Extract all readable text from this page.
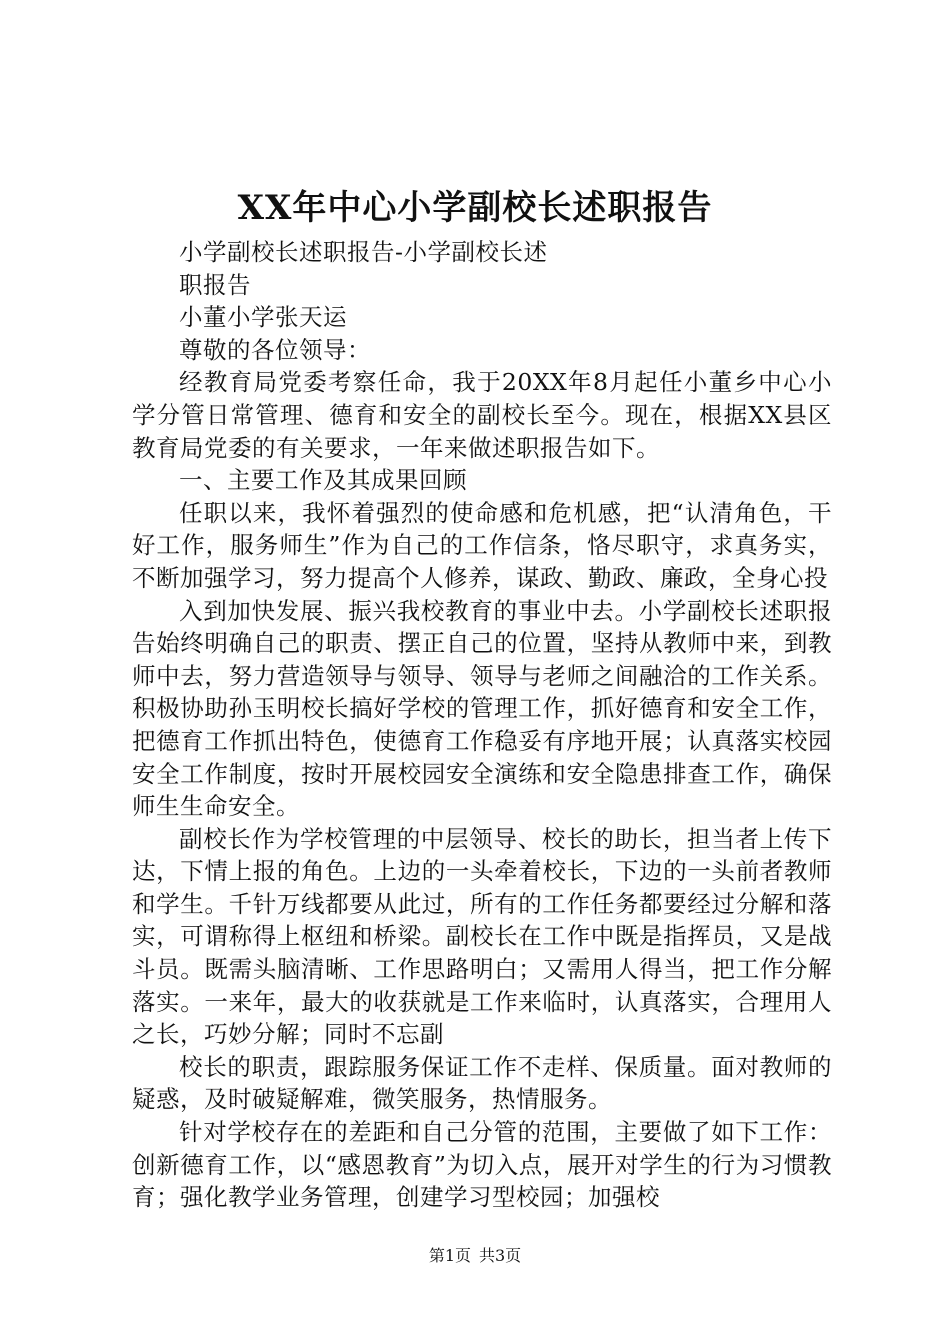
XX年中心小学副校长述职报告

小学副校长述职报告-小学副校长述

职报告

小董小学张天运

尊敬的各位领导：

经教育局党委考察任命，我于20XX年8月起任小董乡中心小学分管日常管理、德育和安全的副校长至今。现在，根据XX县区教育局党委的有关要求，一年来做述职报告如下。

一、主要工作及其成果回顾

任职以来，我怀着强烈的使命感和危机感，把“认清角色，干好工作，服务师生”作为自己的工作信条，恪尽职守，求真务实，不断加强学习，努力提高个人修养，谋政、勤政、廉政，全身心投

入到加快发展、振兴我校教育的事业中去。小学副校长述职报告始终明确自己的职责、摆正自己的位置，坚持从教师中来，到教师中去，努力营造领导与领导、领导与老师之间融洽的工作关系。积极协助孙玉明校长搞好学校的管理工作，抓好德育和安全工作，把德育工作抓出特色，使德育工作稳妥有序地开展；认真落实校园安全工作制度，按时开展校园安全演练和安全隐患排查工作，确保师生生命安全。

副校长作为学校管理的中层领导、校长的助长，担当者上传下达，下情上报的角色。上边的一头牵着校长，下边的一头前者教师和学生。千针万线都要从此过，所有的工作任务都要经过分解和落实，可谓称得上枢纽和桥梁。副校长在工作中既是指挥员，又是战斗员。既需头脑清晰、工作思路明白；又需用人得当，把工作分解落实。一来年，最大的收获就是工作来临时，认真落实，合理用人之长，巧妙分解；同时不忘副

校长的职责，跟踪服务保证工作不走样、保质量。面对教师的疑惑，及时破疑解难，微笑服务，热情服务。

针对学校存在的差距和自己分管的范围，主要做了如下工作：创新德育工作，以“感恩教育”为切入点，展开对学生的行为习惯教育；强化教学业务管理，创建学习型校园；加强校

第1页 共3页
